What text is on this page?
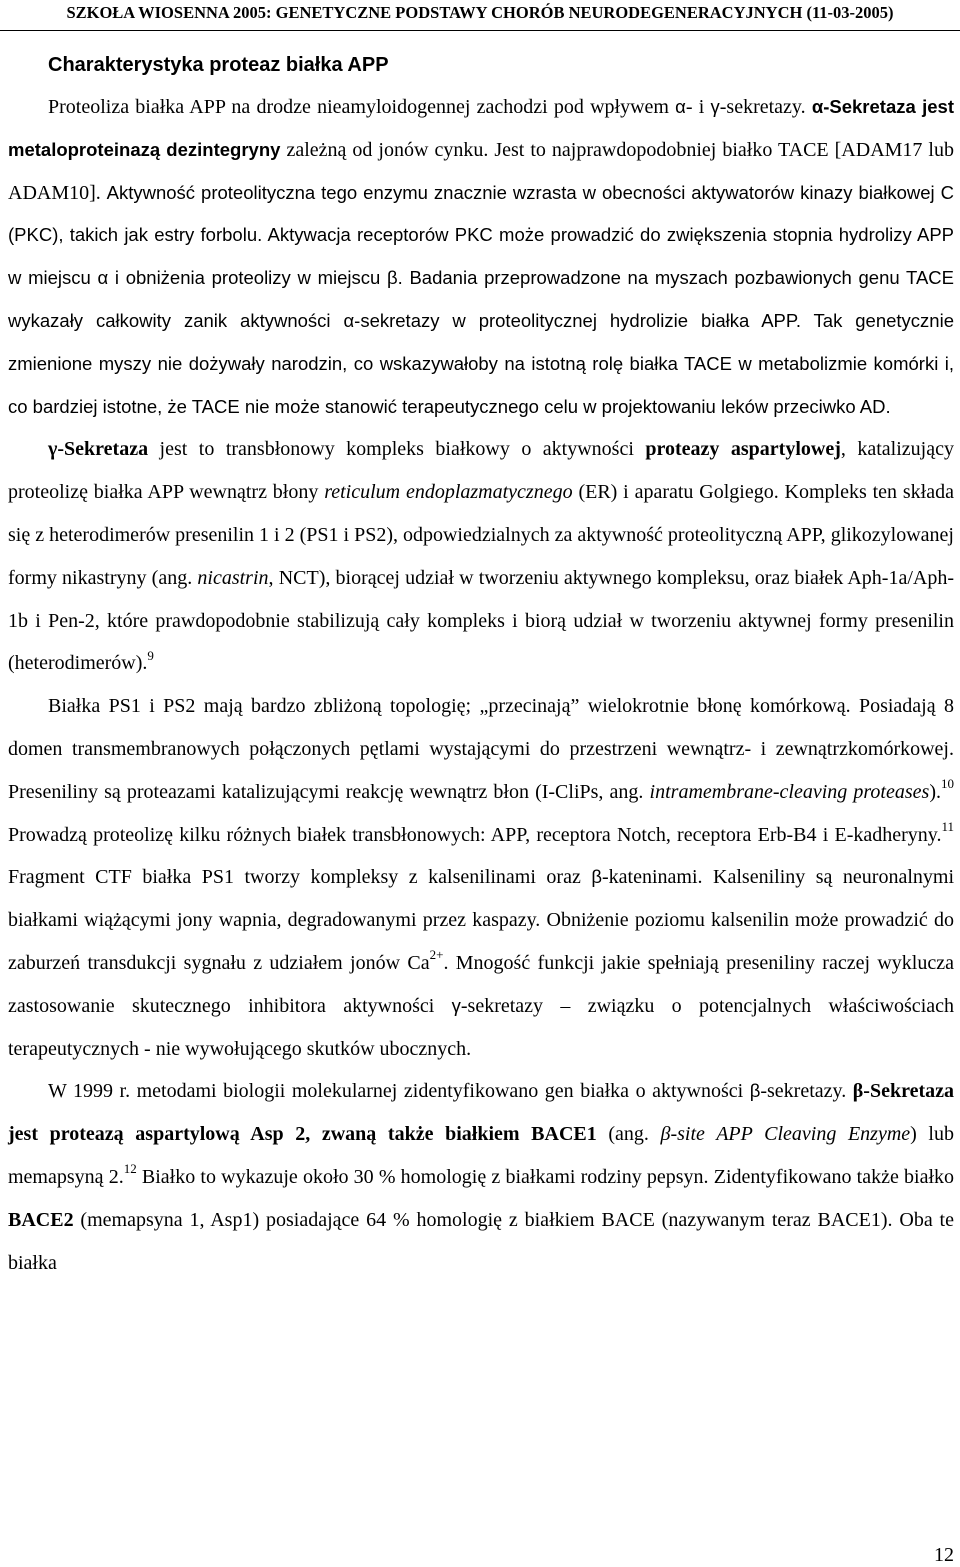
SZKOŁA WIOSENNA 2005: GENETYCZNE PODSTAWY CHORÓB NEURODEGENERACYJNYCH (11-03-2005)
Charakterystyka proteaz białka APP

Proteoliza białka APP na drodze nieamyloidogennej zachodzi pod wpływem α- i γ-sekretazy. α-Sekretaza jest metaloproteinazą dezintegryny zależną od jonów cynku. Jest to najprawdopodobniej białko TACE [ADAM17 lub ADAM10]. Aktywność proteolityczna tego enzymu znacznie wzrasta w obecności aktywatorów kinazy białkowej C (PKC), takich jak estry forbolu. Aktywacja receptorów PKC może prowadzić do zwiększenia stopnia hydrolizy APP w miejscu α i obniżenia proteolizy w miejscu β. Badania przeprowadzone na myszach pozbawionych genu TACE wykazały całkowity zanik aktywności α-sekretazy w proteolitycznej hydrolizie białka APP. Tak genetycznie zmienione myszy nie dożywały narodzin, co wskazywałoby na istotną rolę białka TACE w metabolizmie komórki i, co bardziej istotne, że TACE nie może stanowić terapeutycznego celu w projektowaniu leków przeciwko AD.

γ-Sekretaza jest to transbłonowy kompleks białkowy o aktywności proteazy aspartylowej, katalizujący proteolizę białka APP wewnątrz błony reticulum endoplazmatycznego (ER) i aparatu Golgiego. Kompleks ten składa się z heterodimerów presenilin 1 i 2 (PS1 i PS2), odpowiedzialnych za aktywność proteolityczną APP, glikozylowanej formy nikastryny (ang. nicastrin, NCT), biorącej udział w tworzeniu aktywnego kompleksu, oraz białek Aph-1a/Aph-1b i Pen-2, które prawdopodobnie stabilizują cały kompleks i biorą udział w tworzeniu aktywnej formy presenilin (heterodimerów).$^9$

Białka PS1 i PS2 mają bardzo zbliżoną topologię; „przecinają” wielokrotnie błonę komórkową. Posiadają 8 domen transmembranowych połączonych pętlami wystającymi do przestrzeni wewnątrz- i zewnątrzkomórkowej. Preseniliny są proteazami katalizującymi reakcję wewnątrz błon (I-CliPs, ang. intramembrane-cleaving proteases).$^{10}$ Prowadzą proteolizę kilku różnych białek transbłonowych: APP, receptora Notch, receptora Erb-B4 i E-kadheryny.$^{11}$ Fragment CTF białka PS1 tworzy kompleksy z kalsenilinami oraz β-kateninami. Kalseniliny są neuronalnymi białkami wiążącymi jony wapnia, degradowanymi przez kaspazy. Obniżenie poziomu kalsenilin może prowadzić do zaburzeń transdukcji sygnału z udziałem jonów $Ca^{2+}$. Mnogość funkcji jakie spełniają preseniliny raczej wyklucza zastosowanie skutecznego inhibitora aktywności γ-sekretazy – związku o potencjalnych właściwościach terapeutycznych - nie wywołującego skutków ubocznych.

W 1999 r. metodami biologii molekularnej zidentyfikowano gen białka o aktywności β-sekretazy. β-Sekretaza jest proteazą aspartylową Asp 2, zwaną także białkiem BACE1 (ang. β-site APP Cleaving Enzyme) lub memapsyną 2.12 Białko to wykazuje około 30 % homologię z białkami rodziny pepsyn. Zidentyfikowano także białko BACE2 (memapsyna 1, Asp1) posiadające 64 % homologię z białkiem BACE (nazywanym teraz BACE1). Oba te białka

12
